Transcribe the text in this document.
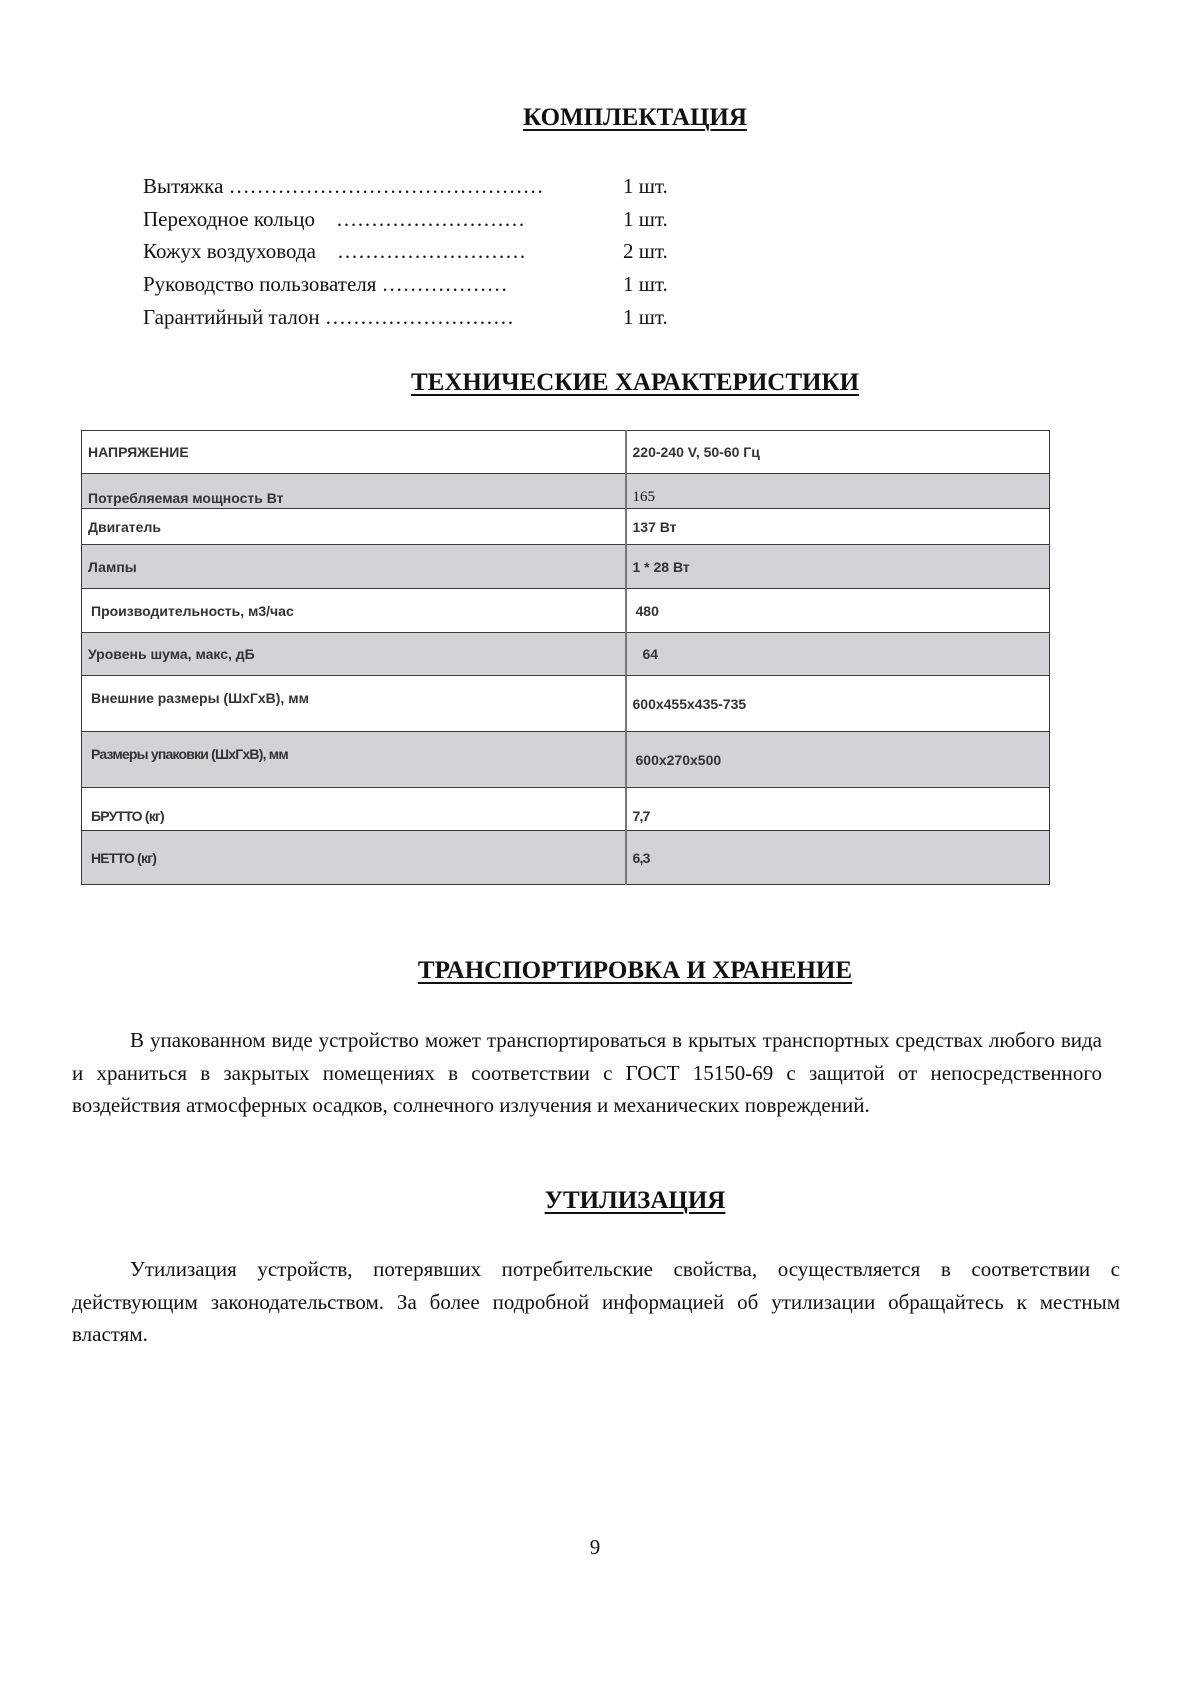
КОМПЛЕКТАЦИЯ
Вытяжка ………………………………………	1 шт.
Переходное кольцо    ………………………	1 шт.
Кожух воздуховода    ………………………	2 шт.
Руководство пользователя ………………	1 шт.
Гарантийный талон ………………………	1 шт.
ТЕХНИЧЕСКИЕ ХАРАКТЕРИСТИКИ
НАПРЯЖЕНИЕ	220-240 V, 50-60 Гц
Потребляемая мощность Вт	165
Двигатель	137 Вт
Лампы	1 * 28 Вт
Производительность, м3/час	480
Уровень шума, макс, дБ	64
Внешние размеры (ШхГхВ), мм	600x455x435-735
Размеры упаковки (ШхГхВ), мм	600x270x500
БРУТТО (кг)	7,7
НЕТТО (кг)	6,3
ТРАНСПОРТИРОВКА И ХРАНЕНИЕ

В упакованном виде устройство может транспортироваться в крытых транспортных средствах любого вида и храниться в закрытых помещениях в соответствии с ГОСТ 15150-69 с защитой от непосредственного воздействия атмосферных осадков, солнечного излучения и механических повреждений.

УТИЛИЗАЦИЯ

Утилизация устройств, потерявших потребительские свойства, осуществляется в соответствии с действующим законодательством. За более подробной информацией об утилизации обращайтесь к местным властям.

9
